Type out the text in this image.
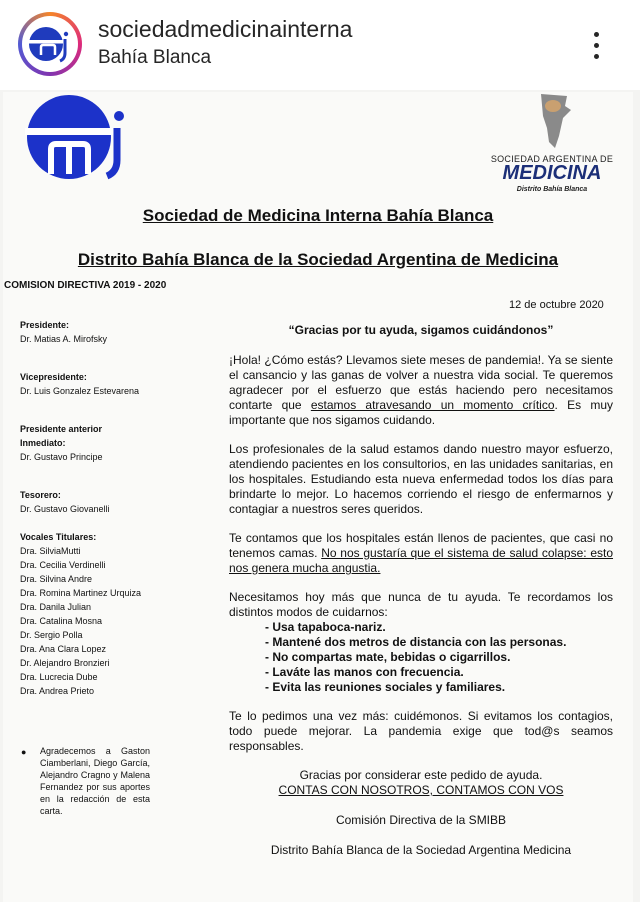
sociedadmedicinainterna
Bahía Blanca
SOCIEDAD ARGENTINA DE
MEDICINA
Distrito Bahía Blanca
Sociedad de Medicina Interna Bahía Blanca
Distrito Bahía Blanca de la Sociedad Argentina de Medicina
COMISION DIRECTIVA 2019 - 2020
12 de octubre 2020
Presidente:
Dr. Matias A. Mirofsky
Vicepresidente:
Dr. Luis Gonzalez Estevarena
Presidente anterior
Inmediato:
Dr. Gustavo Principe
Tesorero:
Dr. Gustavo Giovanelli
Vocales Titulares:
Dra. SilviaMutti
Dra. Cecilia Verdinelli
Dra. Silvina Andre
Dra. Romina Martinez Urquiza
Dra. Danila Julian
Dra. Catalina Mosna
Dr. Sergio Polla
Dra. Ana Clara Lopez
Dr. Alejandro Bronzieri
Dra. Lucrecia Dube
Dra. Andrea Prieto
● Agradecemos a Gaston Ciamberlani, Diego García, Alejandro Cragno y Malena Fernandez por sus aportes en la redacción de esta carta.
“Gracias por tu ayuda, sigamos cuidándonos”

¡Hola! ¿Cómo estás? Llevamos siete meses de pandemia!. Ya se siente el cansancio y las ganas de volver a nuestra vida social. Te queremos agradecer por el esfuerzo que estás haciendo pero necesitamos contarte que estamos atravesando un momento crítico. Es muy importante que nos sigamos cuidando.

Los profesionales de la salud estamos dando nuestro mayor esfuerzo, atendiendo pacientes en los consultorios, en las unidades sanitarias, en los hospitales. Estudiando esta nueva enfermedad todos los días para brindarte lo mejor. Lo hacemos corriendo el riesgo de enfermarnos y contagiar a nuestros seres queridos.

Te contamos que los hospitales están llenos de pacientes, que casi no tenemos camas. No nos gustaría que el sistema de salud colapse: esto nos genera mucha angustia.

Necesitamos hoy más que nunca de tu ayuda. Te recordamos los distintos modos de cuidarnos:

- Usa tapaboca-nariz.
- Mantené dos metros de distancia con las personas.
- No compartas mate, bebidas o cigarrillos.
- Laváte las manos con frecuencia.
- Evita las reuniones sociales y familiares.

Te lo pedimos una vez más: cuidémonos. Si evitamos los contagios, todo puede mejorar. La pandemia exige que tod@s seamos responsables.

Gracias por considerar este pedido de ayuda.
CONTAS CON NOSOTROS, CONTAMOS CON VOS
Comisión Directiva de la SMIBB
Distrito Bahía Blanca de la Sociedad Argentina Medicina
